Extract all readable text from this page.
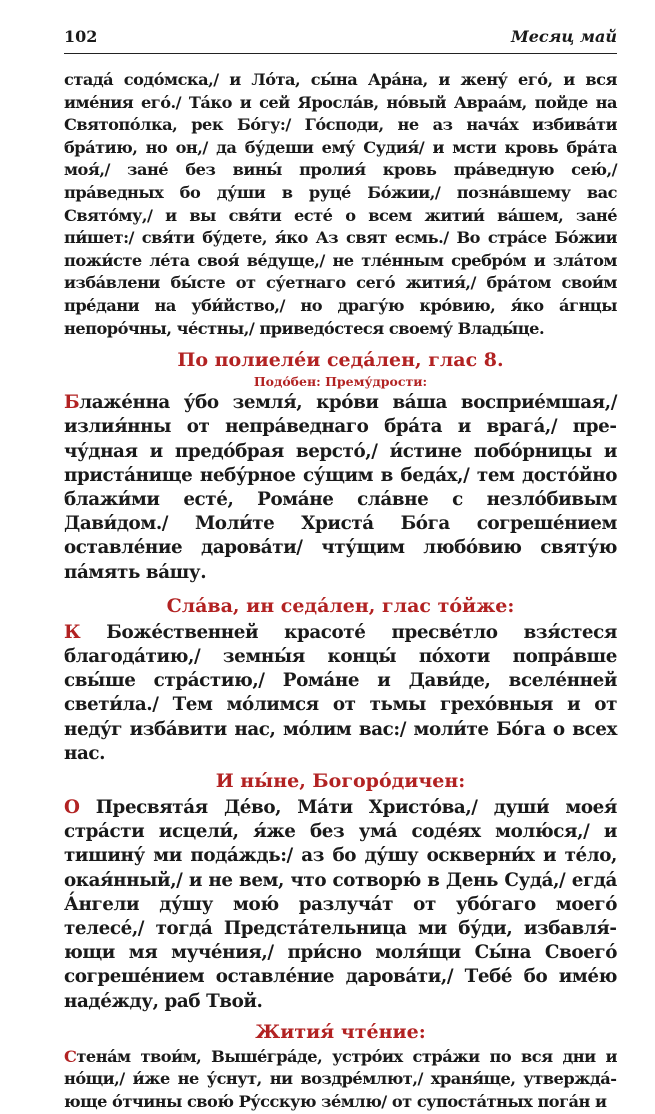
102	Месяц май

стада́ содо́мска,/ и Ло́та, сы́на Ара́на, и жену́ его́, и вся име́ния его́./ Та́ко и сей Яросла́в, но́вый Авраа́м, пойде на Святопо́лка, рек Бо́гу:/ Го́споди, не аз нача́х избива́ти бра́тию, но он,/ да бу́деши ему́ Судия́/ и мсти кровь бра́та моя́,/ зане́ без вины́ пролия́ кровь пра́ведную сею́,/ пра́ведных бо ду́ши в руце́ Бо́жии,/ позна́вшему вас Свято́му,/ и вы свя́ти есте́ о всем житии́ ва́шем, зане́ пи́шет:/ свя́ти бу́дете, я́ко Аз свят есмь./ Во стра́се Бо́жии пожи́сте ле́та своя́ ве́дуще,/ не тле́нным сребро́м и зла́том изба́влени бы́сте от су́етнаго сего́ жития́,/ бра́том свои́м пре́дани на уби́йство,/ но драгу́ю кро́вию, я́ко а́гнцы непоро́чны, че́стны,/ приведо́стеся своему́ Влады́це.

По полиеле́и седа́лен, глас 8.

Подо́бен: Прему́дрости:

Блаже́нна у́бо земля́, кро́ви ва́ша восприе́мшая,/ излия́нны от непра́веднаго бра́та и врага́,/ пречу́дная и предо́брая версто́,/ и́стине побо́рницы и приста́нище небу́рное су́щим в беда́х,/ тем досто́йно блажи́ми есте́, Рома́не сла́вне с незло́бивым Дави́дом./ Моли́те Христа́ Бо́га согреше́нием оставле́ние дарова́ти/ чту́щим любо́вию святу́ю па́мять ва́шу.

Сла́ва, ин седа́лен, глас то́йже:

К Боже́ственней красоте́ пресве́тло взя́стеся благода́тию,/ земны́я концы́ по́хоти попра́вше свы́ше стра́стию,/ Рома́не и Дави́де, вселе́нней свети́ла./ Тем мо́лимся от тьмы грехо́вныя и от неду́г изба́вити нас, мо́лим вас:/ моли́те Бо́га о всех нас.

И ны́не, Богоро́дичен:

О Пресвята́я Де́во, Ма́ти Христо́ва,/ души́ моея́ стра́сти исцели́, я́же без ума́ соде́ях молю́ся,/ и тишину́ ми пода́ждь:/ аз бо ду́шу оскверни́х и те́ло, окая́нный,/ и не вем, что сотворю́ в День Суда́,/ егда́ А́нгели ду́шу мою́ разлуча́т от убо́гаго моего́ телесе́,/ тогда́ Предста́тельница ми бу́ди, избавля́ющи мя муче́ния,/ при́сно моля́щи Сы́на Своего́ согреше́нием оставле́ние дарова́ти,/ Тебе́ бо име́ю наде́жду, раб Твой.

Жития́ чте́ние:

Стена́м твои́м, Выше́гра́де, устро́их стра́жи по вся дни и но́щи,/ и́же не у́снут, ни воздре́млют,/ храня́ще, утвержда́юще о́тчины свою́ Ру́сскую зе́млю/ от супоста́тных пога́н и
